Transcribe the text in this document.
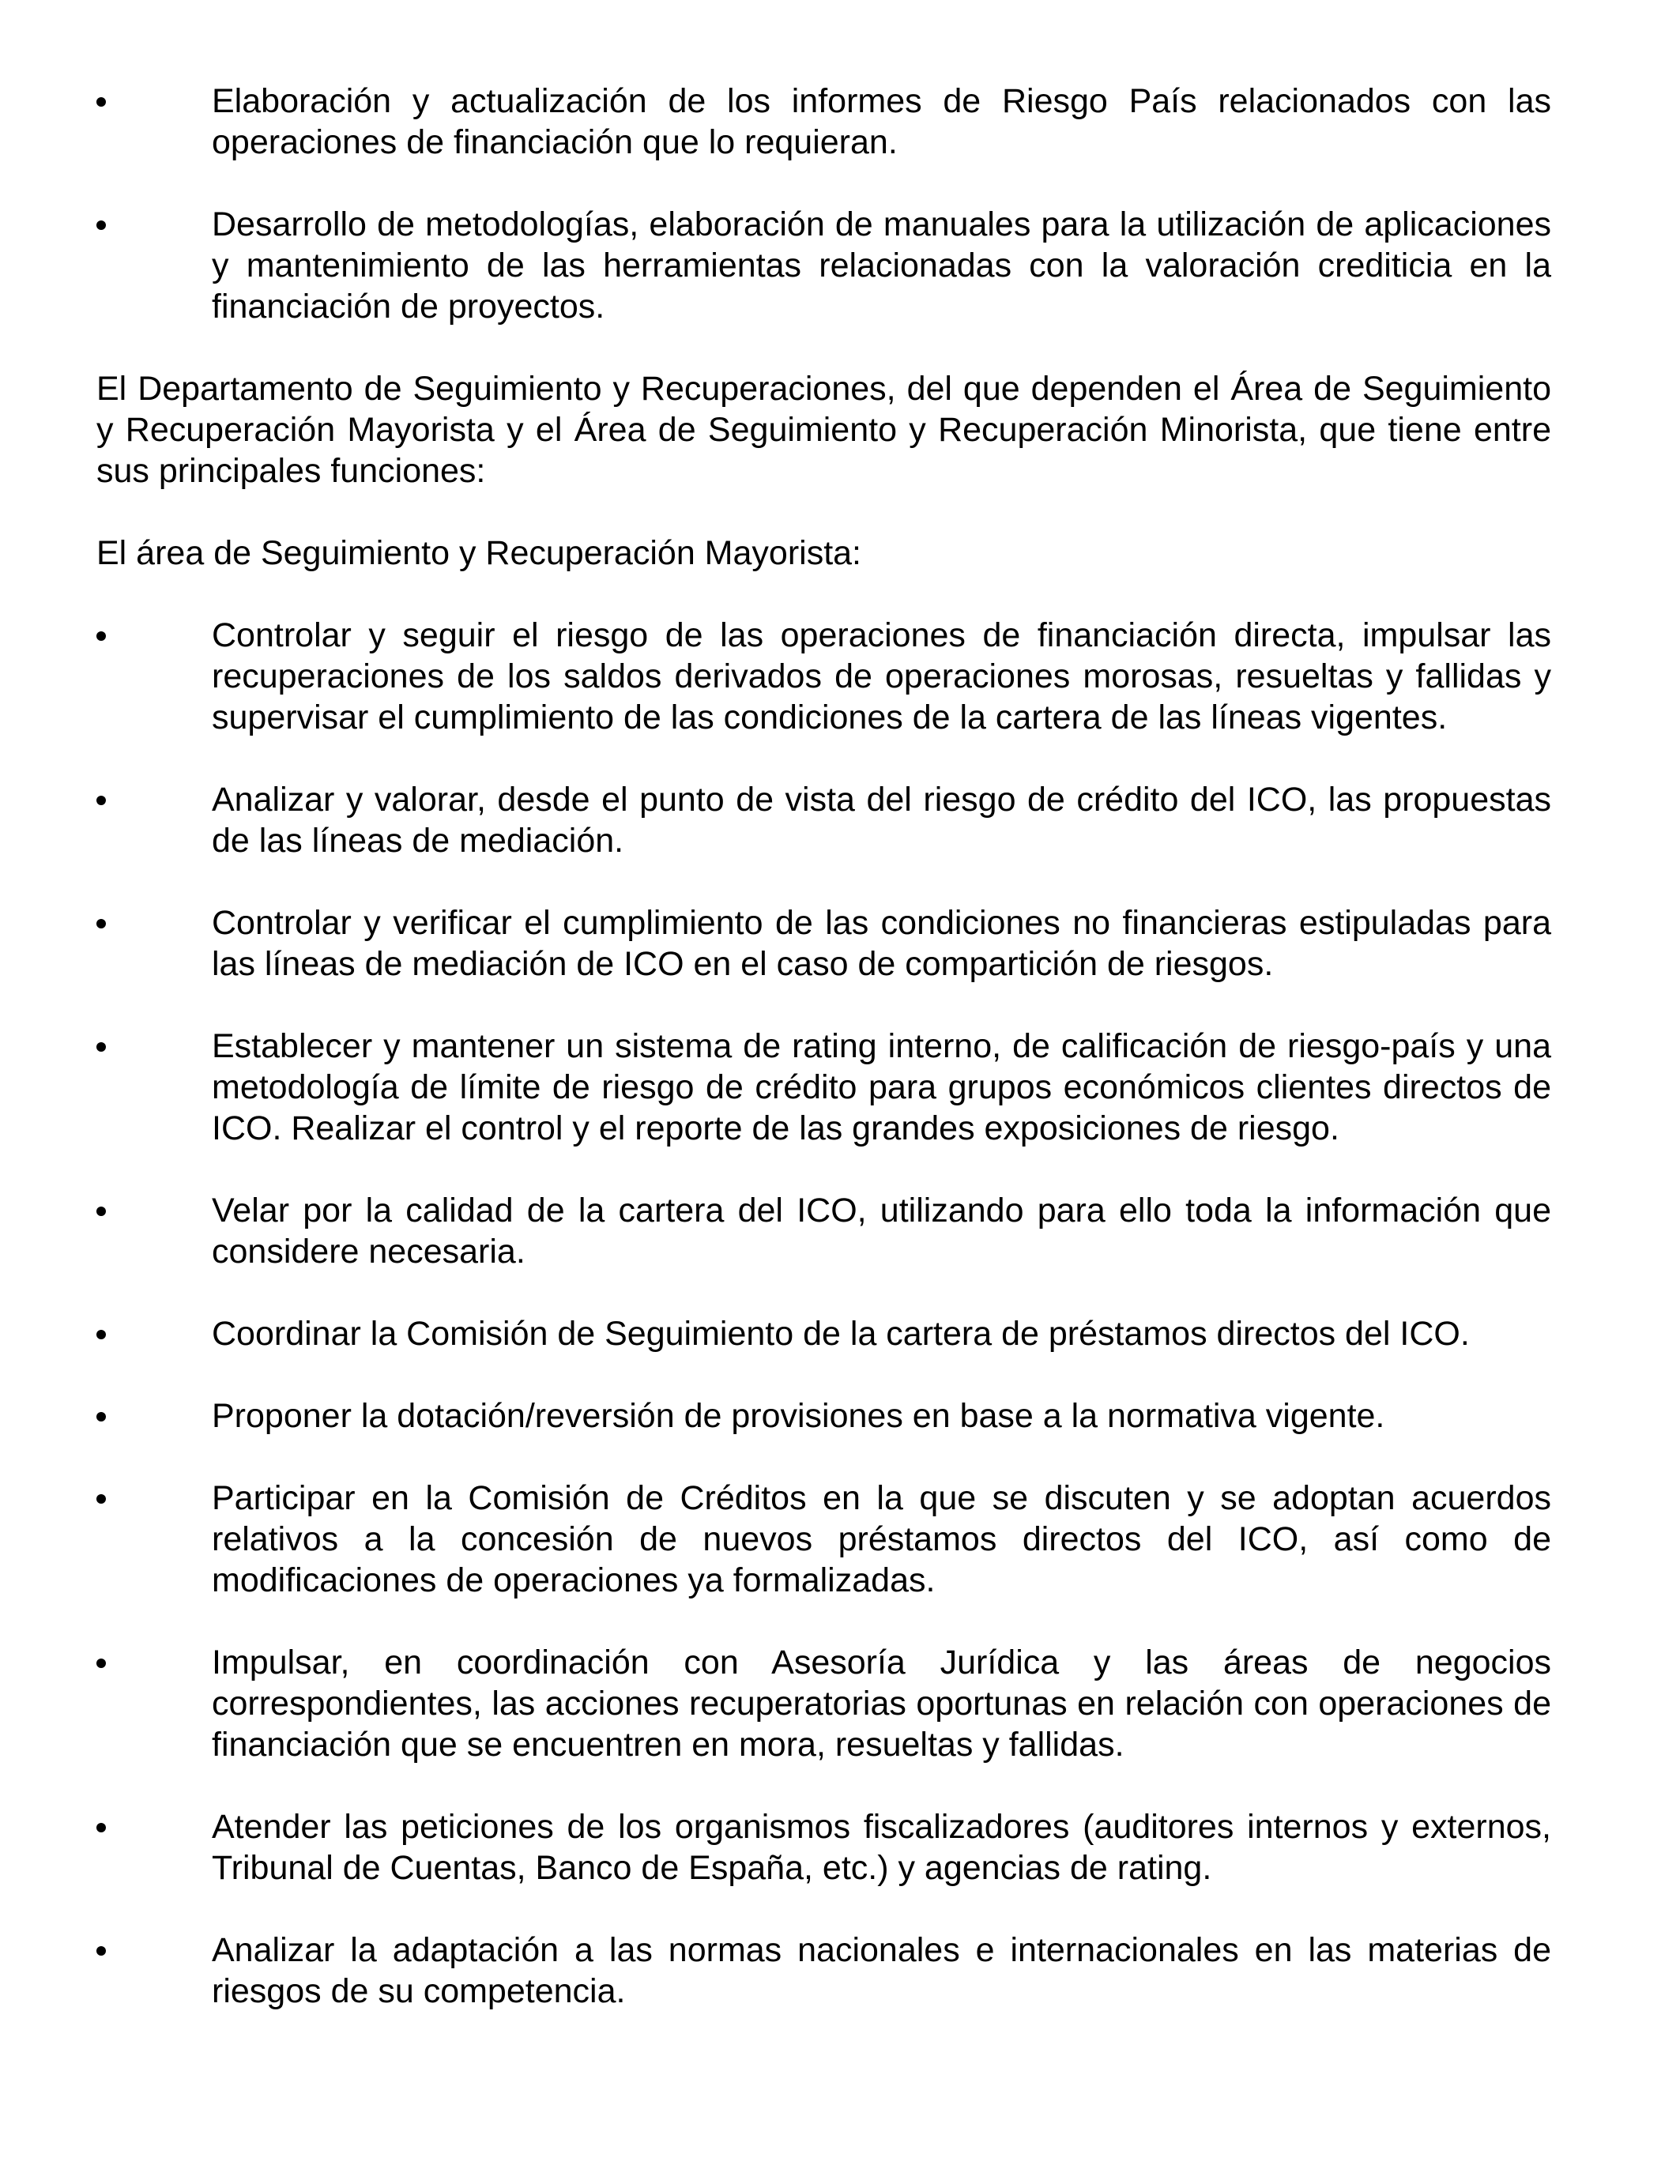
Elaboración y actualización de los informes de Riesgo País relacionados con las operaciones de financiación que lo requieran.
Desarrollo de metodologías, elaboración de manuales para la utilización de aplicaciones y mantenimiento de las herramientas relacionadas con la valoración crediticia en la financiación de proyectos.

El Departamento de Seguimiento y Recuperaciones, del que dependen el Área de Seguimiento y Recuperación Mayorista y el Área de Seguimiento y Recuperación Minorista, que tiene entre sus principales funciones:

El área de Seguimiento y Recuperación Mayorista:

Controlar y seguir el riesgo de las operaciones de financiación directa, impulsar las recuperaciones de los saldos derivados de operaciones morosas, resueltas y fallidas y supervisar el cumplimiento de las condiciones de la cartera de las líneas vigentes.
Analizar y valorar, desde el punto de vista del riesgo de crédito del ICO, las propuestas de las líneas de mediación.
Controlar y verificar el cumplimiento de las condiciones no financieras estipuladas para las líneas de mediación de ICO en el caso de compartición de riesgos.
Establecer y mantener un sistema de rating interno, de calificación de riesgo-país y una metodología de límite de riesgo de crédito para grupos económicos clientes directos de ICO. Realizar el control y el reporte de las grandes exposiciones de riesgo.
Velar por la calidad de la cartera del ICO, utilizando para ello toda la información que considere necesaria.
Coordinar la Comisión de Seguimiento de la cartera de préstamos directos del ICO.
Proponer la dotación/reversión de provisiones en base a la normativa vigente.
Participar en la Comisión de Créditos en la que se discuten y se adoptan acuerdos relativos a la concesión de nuevos préstamos directos del ICO, así como de modificaciones de operaciones ya formalizadas.
Impulsar, en coordinación con Asesoría Jurídica y las áreas de negocios correspondientes, las acciones recuperatorias oportunas en relación con operaciones de financiación que se encuentren en mora, resueltas y fallidas.
Atender las peticiones de los organismos fiscalizadores (auditores internos y externos, Tribunal de Cuentas, Banco de España, etc.) y agencias de rating.
Analizar la adaptación a las normas nacionales e internacionales en las materias de riesgos de su competencia.
